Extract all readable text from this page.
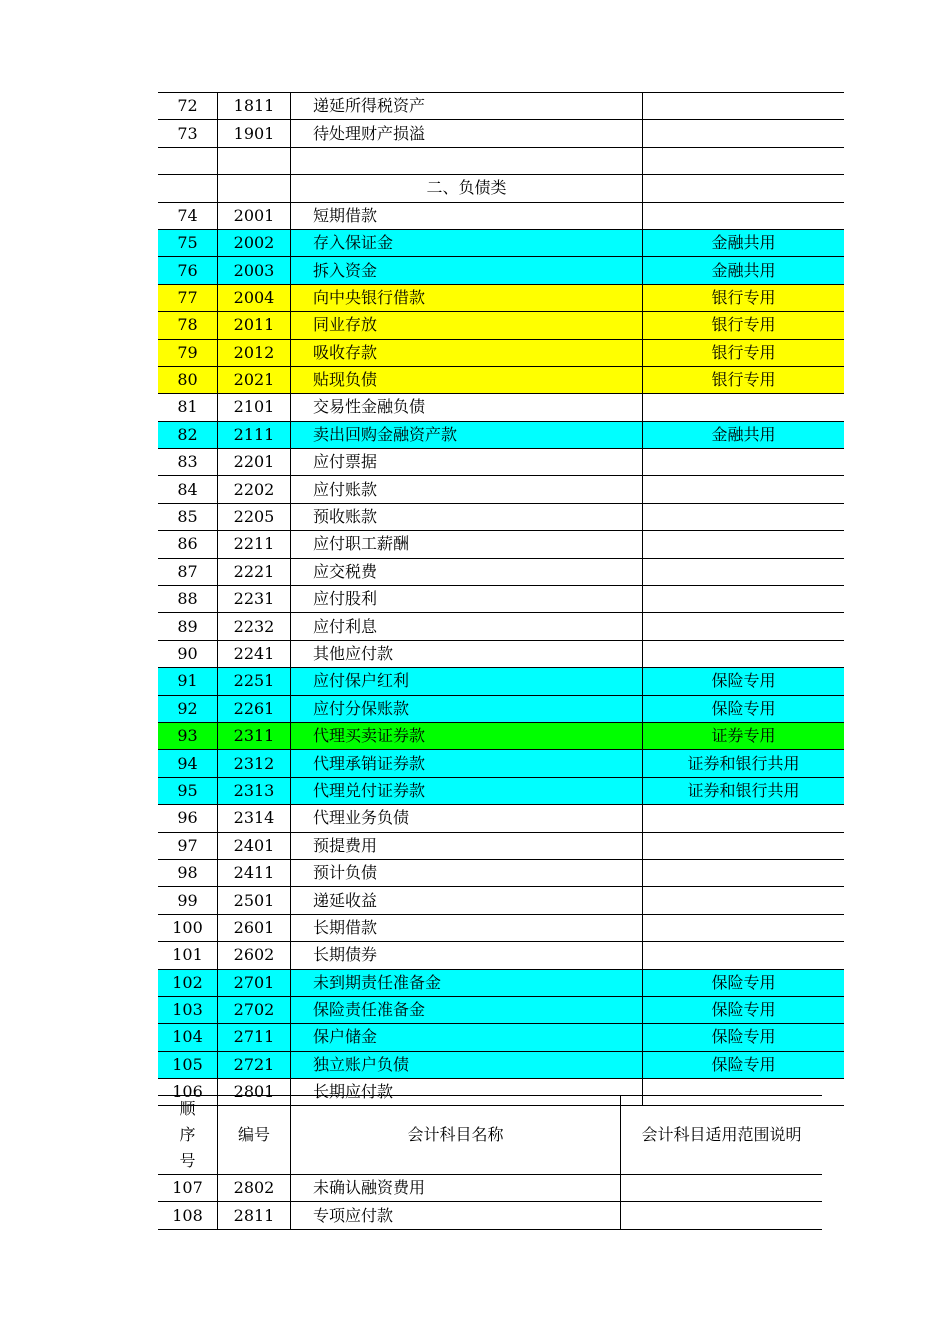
72	1811	递延所得税资产	
73	1901	待处理财产损溢	

		二、负债类	
74	2001	短期借款	
75	2002	存入保证金	金融共用
76	2003	拆入资金	金融共用
77	2004	向中央银行借款	银行专用
78	2011	同业存放	银行专用
79	2012	吸收存款	银行专用
80	2021	贴现负债	银行专用
81	2101	交易性金融负债	
82	2111	卖出回购金融资产款	金融共用
83	2201	应付票据	
84	2202	应付账款	
85	2205	预收账款	
86	2211	应付职工薪酬	
87	2221	应交税费	
88	2231	应付股利	
89	2232	应付利息	
90	2241	其他应付款	
91	2251	应付保户红利	保险专用
92	2261	应付分保账款	保险专用
93	2311	代理买卖证券款	证券专用
94	2312	代理承销证券款	证券和银行共用
95	2313	代理兑付证券款	证券和银行共用
96	2314	代理业务负债	
97	2401	预提费用	
98	2411	预计负债	
99	2501	递延收益	
100	2601	长期借款	
101	2602	长期债券	
102	2701	未到期责任准备金	保险专用
103	2702	保险责任准备金	保险专用
104	2711	保户储金	保险专用
105	2721	独立账户负债	保险专用
106	2801	长期应付款	
顺序号	编号	会计科目名称	会计科目适用范围说明
107	2802	未确认融资费用	
108	2811	专项应付款	
